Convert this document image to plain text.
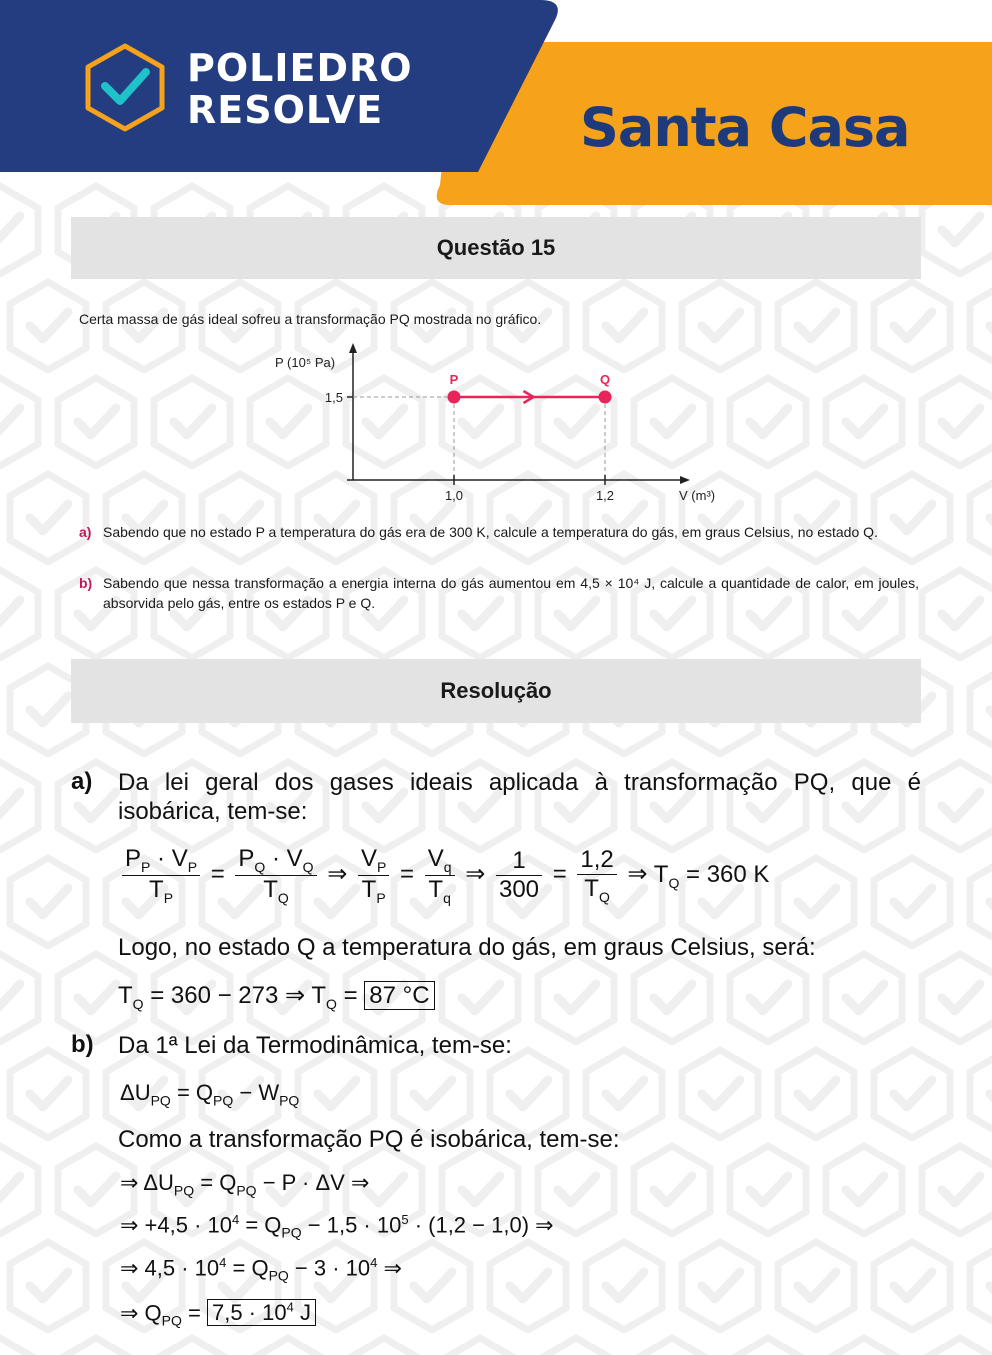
POLIEDRO
RESOLVE	Santa Casa
Questão 15
Certa massa de gás ideal sofreu a transformação PQ mostrada no gráfico.
P	Q
1,5
1,0	1,2
P (10⁵ Pa)
V (m³)
a) Sabendo que no estado P a temperatura do gás era de 300 K, calcule a temperatura do gás, em graus Celsius, no estado Q.
b) Sabendo que nessa transformação a energia interna do gás aumentou em 4,5 × 10⁴ J, calcule a quantidade de calor, em joules, absorvida pelo gás, entre os estados P e Q.
Resolução
a) Da lei geral dos gases ideais aplicada à transformação PQ, que é isobárica, tem-se:
$\frac{P_P \cdot V_P}{T_P} = \frac{P_Q \cdot V_Q}{T_Q}$ ⇒ $\frac{V_P}{T_P} = \frac{V_q}{T_q}$ ⇒ $\frac{1}{300} = \frac{1,2}{T_Q}$ ⇒ $T_Q = 360$ K
Logo, no estado Q a temperatura do gás, em graus Celsius, será:
$T_Q = 360 - 273$ ⇒ $T_Q = 87$ °C
b) Da 1ª Lei da Termodinâmica, tem-se:
$\Delta U_{PQ} = Q_{PQ} - W_{PQ}$
Como a transformação PQ é isobárica, tem-se:
⇒ $\Delta U_{PQ} = Q_{PQ} - P \cdot \Delta V$ ⇒
⇒ $+4,5 \cdot 10^4 = Q_{PQ} - 1,5 \cdot 10^5 \cdot (1,2 - 1,0)$ ⇒
⇒ $4,5 \cdot 10^4 = Q_{PQ} - 3 \cdot 10^4$ ⇒
⇒ $Q_{PQ} = 7,5 \cdot 10^4$ J
